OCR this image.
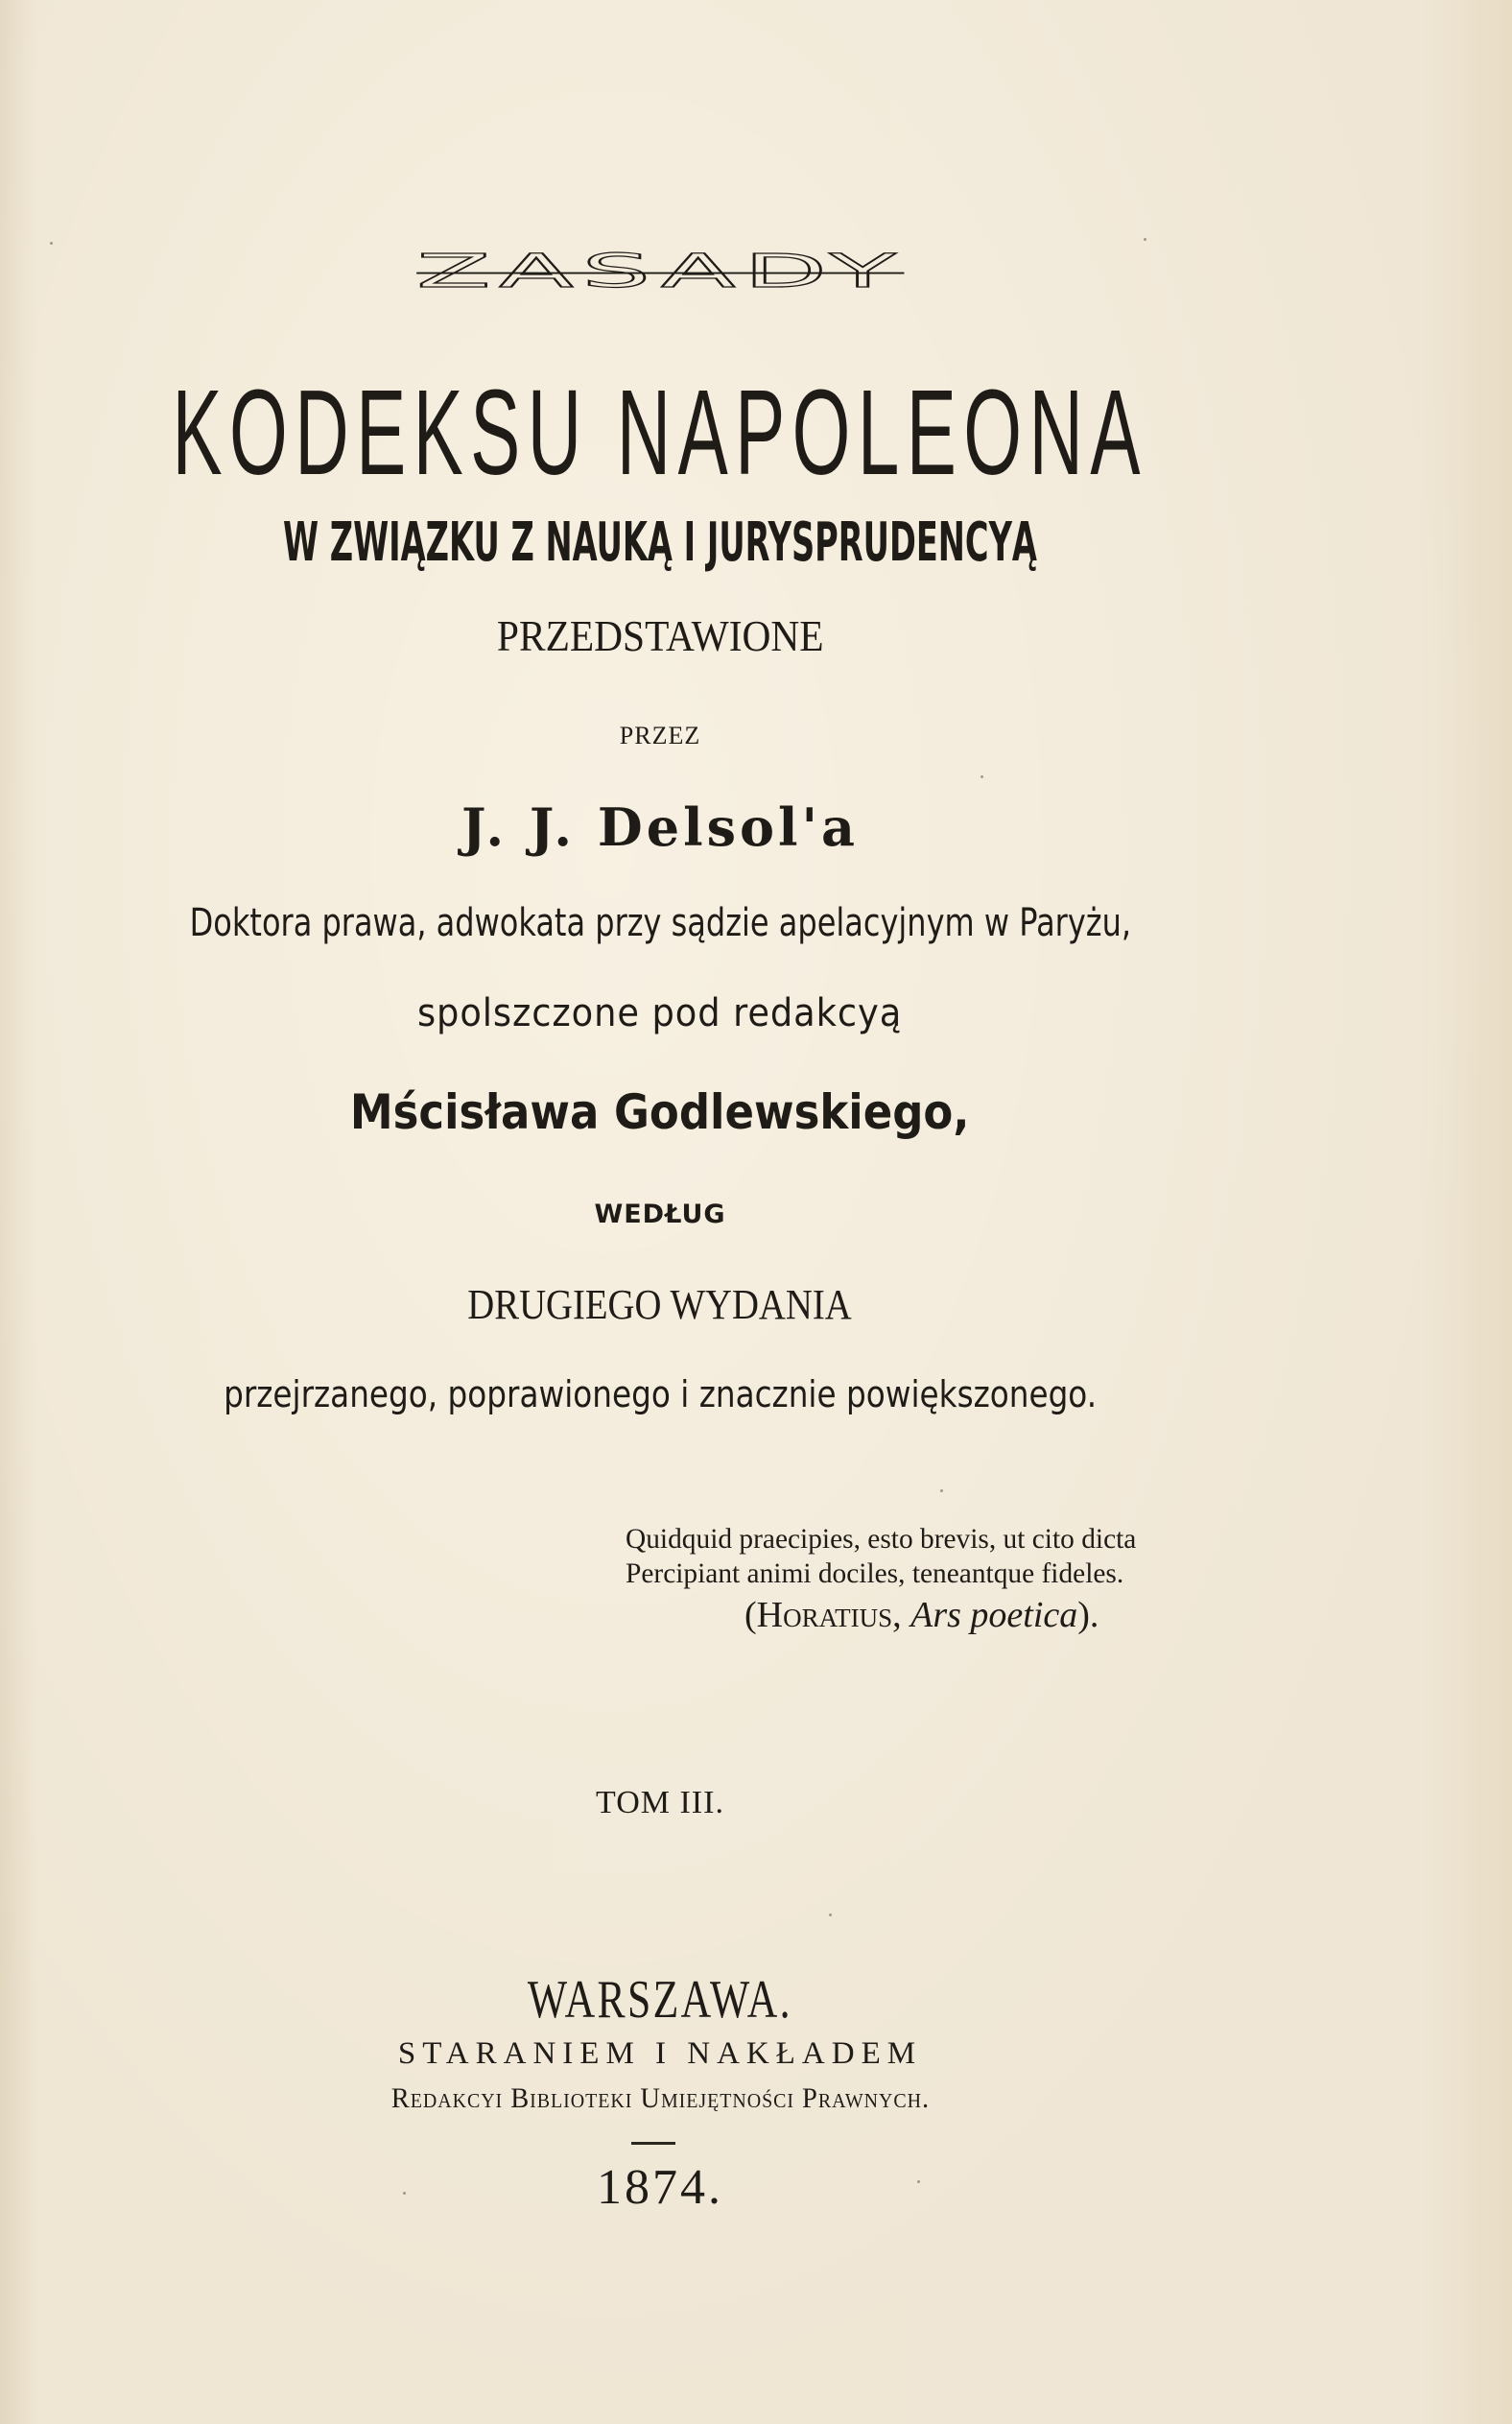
ZASADY
KODEKSU NAPOLEONA
W ZWIĄZKU Z NAUKĄ I JURYSPRUDENCYĄ
PRZEDSTAWIONE
PRZEZ
J. J. Delsol'a
Doktora prawa, adwokata przy sądzie apelacyjnym w Paryżu,
spolszczone pod redakcyą
Mścisława Godlewskiego,
WEDŁUG
DRUGIEGO WYDANIA
przejrzanego, poprawionego i znacznie powiększonego.
Quidquid praecipies, esto brevis, ut cito dicta
Percipiant animi dociles, teneantque fideles.
(Horatius, Ars poetica).
TOM III.
WARSZAWA.
STARANIEM I NAKŁADEM
Redakcyi Biblioteki Umiejętności Prawnych.
1874.
